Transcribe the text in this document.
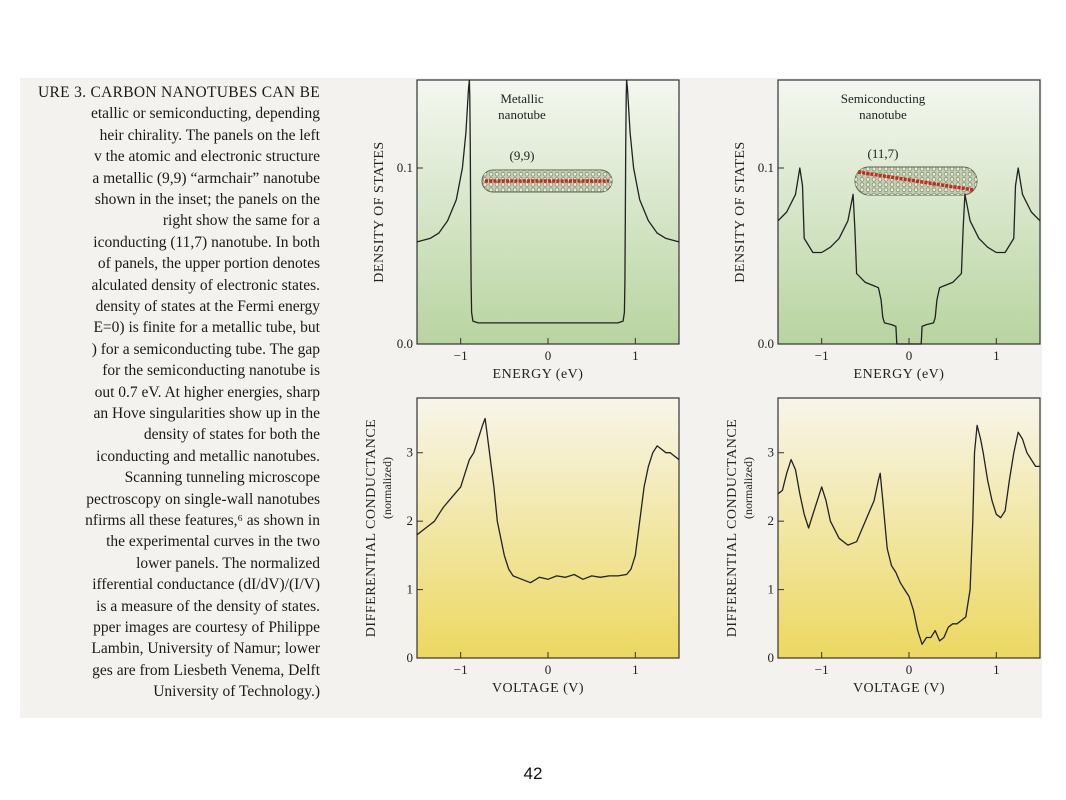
URE 3. CARBON NANOTUBES CAN BE
etallic or semiconducting, depending
heir chirality. The panels on the left
v the atomic and electronic structure
a metallic (9,9) “armchair” nanotube
shown in the inset; the panels on the
right show the same for a
iconducting (11,7) nanotube. In both
of panels, the upper portion denotes
alculated density of electronic states.
density of states at the Fermi energy
E=0) is finite for a metallic tube, but
) for a semiconducting tube. The gap
for the semiconducting nanotube is
out 0.7 eV. At higher energies, sharp
an Hove singularities show up in the
density of states for both the
iconducting and metallic nanotubes.
Scanning tunneling microscope
pectroscopy on single-wall nanotubes
nfirms all these features,⁶ as shown in
the experimental curves in the two
lower panels. The normalized
ifferential conductance (dI/dV)/(I/V)
is a measure of the density of states.
pper images are courtesy of Philippe
Lambin, University of Namur; lower
ges are from Liesbeth Venema, Delft
University of Technology.)
−1	0	1
0.0
0.1
ENERGY (eV)
DENSITY OF STATES
Metallic
nanotube
(9,9)
−1	0	1
0.0
0.1
ENERGY (eV)
DENSITY OF STATES
Semiconducting
nanotube
(11,7)
−1	0	1
0
1
2
3
VOLTAGE (V)
DIFFERENTIAL CONDUCTANCE (normalized)
−1	0	1
0
1
2
3
VOLTAGE (V)
DIFFERENTIAL CONDUCTANCE (normalized)
42
